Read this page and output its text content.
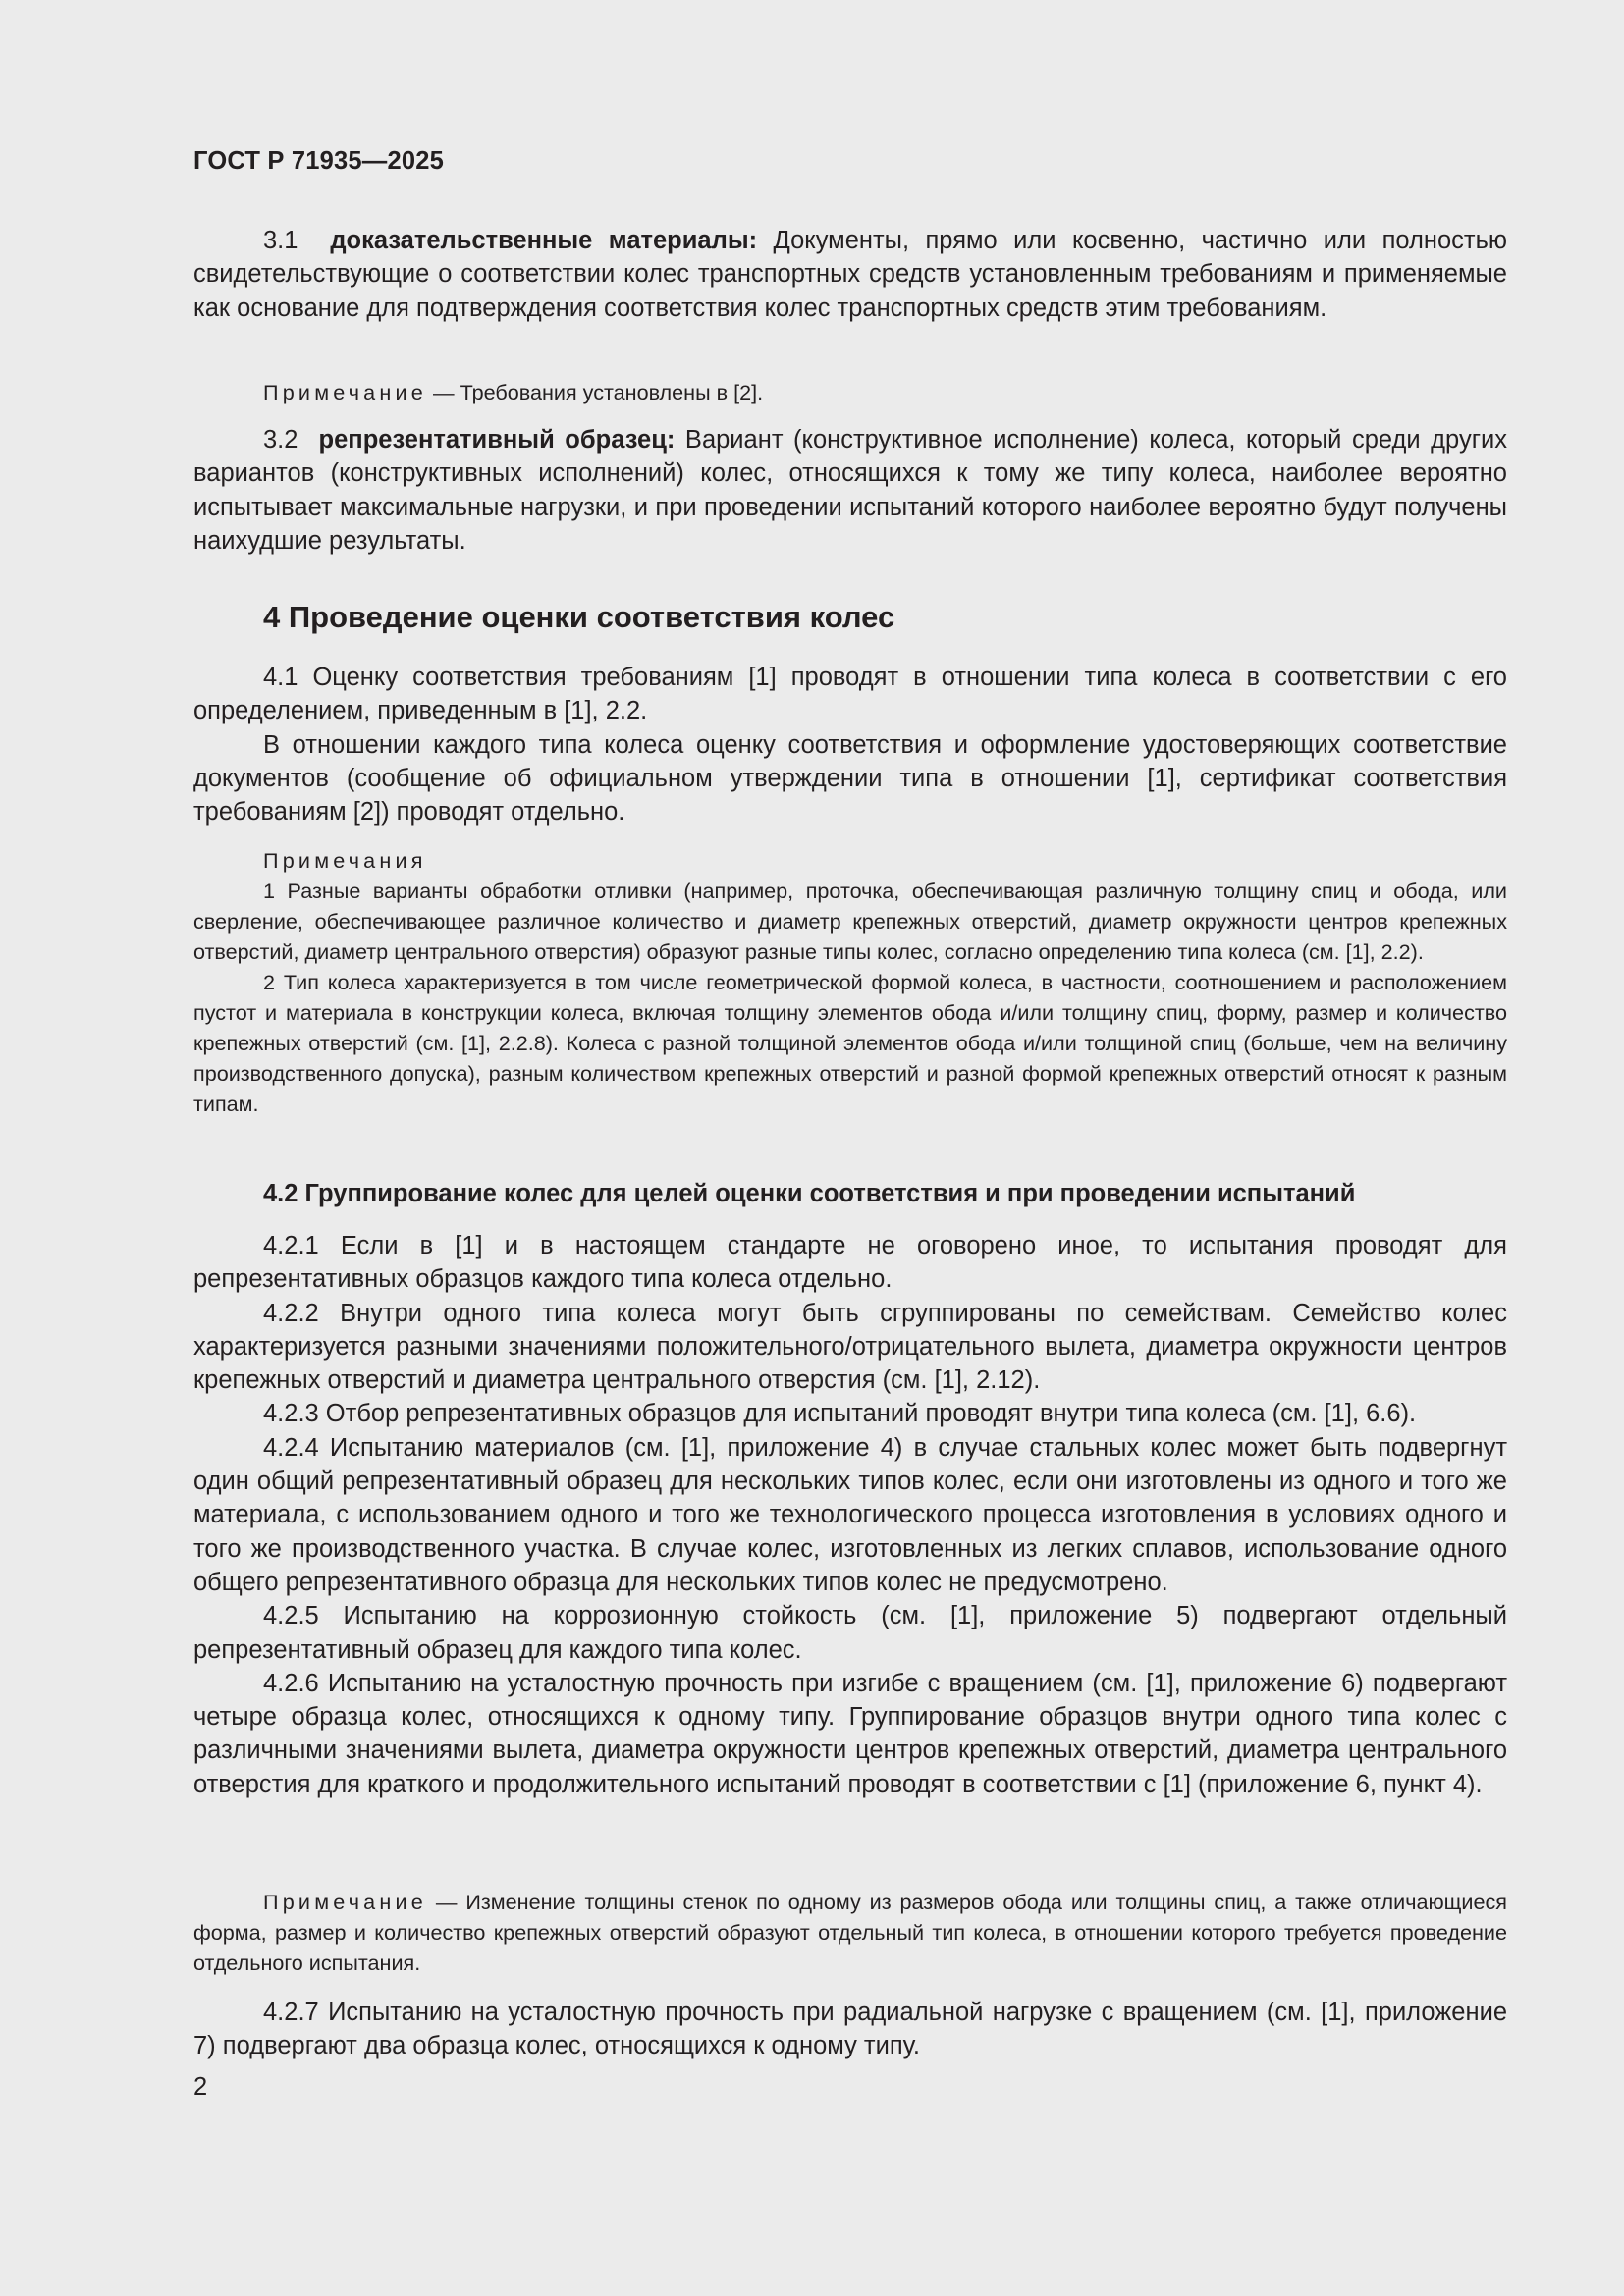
ГОСТ Р 71935—2025

3.1 доказательственные материалы: Документы, прямо или косвенно, частично или полностью свидетельствующие о соответствии колес транспортных средств установленным требованиям и применяемые как основание для подтверждения соответствия колес транспортных средств этим требованиям.

Примечание — Требования установлены в [2].

3.2 репрезентативный образец: Вариант (конструктивное исполнение) колеса, который среди других вариантов (конструктивных исполнений) колес, относящихся к тому же типу колеса, наиболее вероятно испытывает максимальные нагрузки, и при проведении испытаний которого наиболее вероятно будут получены наихудшие результаты.

4 Проведение оценки соответствия колес

4.1 Оценку соответствия требованиям [1] проводят в отношении типа колеса в соответствии с его определением, приведенным в [1], 2.2.

В отношении каждого типа колеса оценку соответствия и оформление удостоверяющих соответствие документов (сообщение об официальном утверждении типа в отношении [1], сертификат соответствия требованиям [2]) проводят отдельно.

Примечания

1 Разные варианты обработки отливки (например, проточка, обеспечивающая различную толщину спиц и обода, или сверление, обеспечивающее различное количество и диаметр крепежных отверстий, диаметр окружности центров крепежных отверстий, диаметр центрального отверстия) образуют разные типы колес, согласно определению типа колеса (см. [1], 2.2).

2 Тип колеса характеризуется в том числе геометрической формой колеса, в частности, соотношением и расположением пустот и материала в конструкции колеса, включая толщину элементов обода и/или толщину спиц, форму, размер и количество крепежных отверстий (см. [1], 2.2.8). Колеса с разной толщиной элементов обода и/или толщиной спиц (больше, чем на величину производственного допуска), разным количеством крепежных отверстий и разной формой крепежных отверстий относят к разным типам.

4.2 Группирование колес для целей оценки соответствия и при проведении испытаний

4.2.1 Если в [1] и в настоящем стандарте не оговорено иное, то испытания проводят для репрезентативных образцов каждого типа колеса отдельно.

4.2.2 Внутри одного типа колеса могут быть сгруппированы по семействам. Семейство колес характеризуется разными значениями положительного/отрицательного вылета, диаметра окружности центров крепежных отверстий и диаметра центрального отверстия (см. [1], 2.12).

4.2.3 Отбор репрезентативных образцов для испытаний проводят внутри типа колеса (см. [1], 6.6).

4.2.4 Испытанию материалов (см. [1], приложение 4) в случае стальных колес может быть подвергнут один общий репрезентативный образец для нескольких типов колес, если они изготовлены из одного и того же материала, с использованием одного и того же технологического процесса изготовления в условиях одного и того же производственного участка. В случае колес, изготовленных из легких сплавов, использование одного общего репрезентативного образца для нескольких типов колес не предусмотрено.

4.2.5 Испытанию на коррозионную стойкость (см. [1], приложение 5) подвергают отдельный репрезентативный образец для каждого типа колес.

4.2.6 Испытанию на усталостную прочность при изгибе с вращением (см. [1], приложение 6) подвергают четыре образца колес, относящихся к одному типу. Группирование образцов внутри одного типа колес с различными значениями вылета, диаметра окружности центров крепежных отверстий, диаметра центрального отверстия для краткого и продолжительного испытаний проводят в соответствии с [1] (приложение 6, пункт 4).

Примечание — Изменение толщины стенок по одному из размеров обода или толщины спиц, а также отличающиеся форма, размер и количество крепежных отверстий образуют отдельный тип колеса, в отношении которого требуется проведение отдельного испытания.

4.2.7 Испытанию на усталостную прочность при радиальной нагрузке с вращением (см. [1], приложение 7) подвергают два образца колес, относящихся к одному типу.

2
